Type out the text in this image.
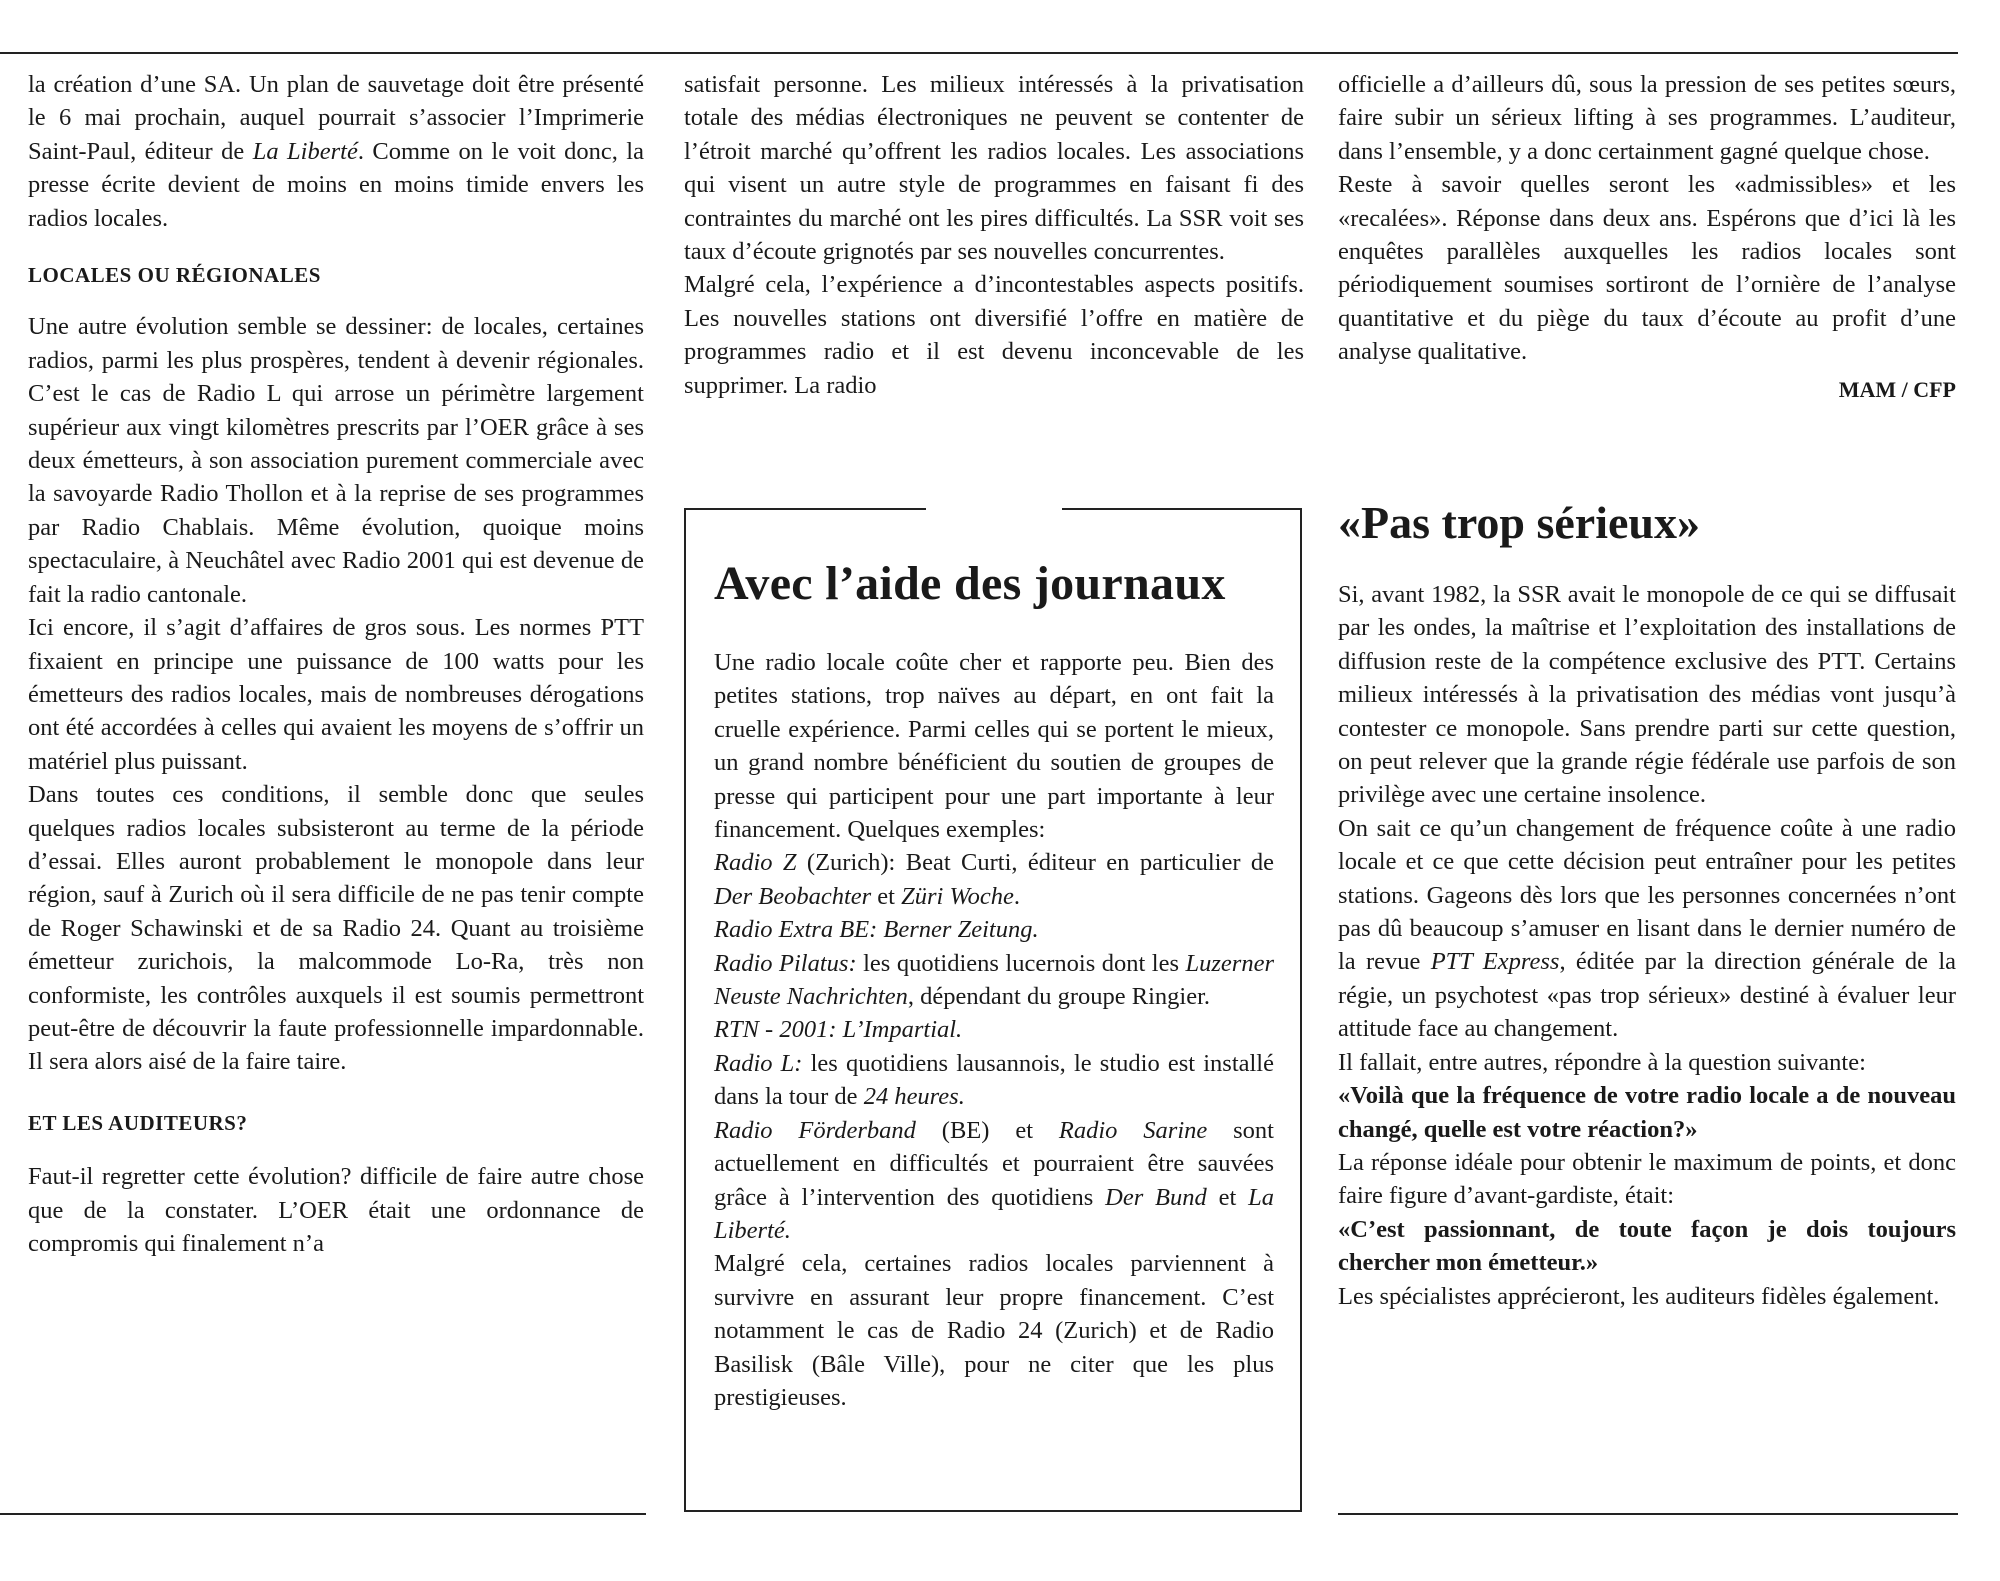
la création d’une SA. Un plan de sauvetage doit être présenté le 6 mai prochain, auquel pourrait s’associer l’Imprimerie Saint-Paul, éditeur de La Liberté. Comme on le voit donc, la presse écrite devient de moins en moins timide envers les radios locales.

LOCALES OU RÉGIONALES

Une autre évolution semble se dessiner: de locales, certaines radios, parmi les plus prospères, tendent à devenir régionales. C’est le cas de Radio L qui arrose un périmètre largement supérieur aux vingt kilomètres prescrits par l’OER grâce à ses deux émetteurs, à son association purement commerciale avec la savoyarde Radio Thollon et à la reprise de ses programmes par Radio Chablais. Même évolution, quoique moins spectaculaire, à Neuchâtel avec Radio 2001 qui est devenue de fait la radio cantonale.

Ici encore, il s’agit d’affaires de gros sous. Les normes PTT fixaient en principe une puissance de 100 watts pour les émetteurs des radios locales, mais de nombreuses dérogations ont été accordées à celles qui avaient les moyens de s’offrir un matériel plus puissant.

Dans toutes ces conditions, il semble donc que seules quelques radios locales subsisteront au terme de la période d’essai. Elles auront probablement le monopole dans leur région, sauf à Zurich où il sera difficile de ne pas tenir compte de Roger Schawinski et de sa Radio 24. Quant au troisième émetteur zurichois, la malcommode Lo-Ra, très non conformiste, les contrôles auxquels il est soumis permettront peut-être de découvrir la faute professionnelle impardonnable. Il sera alors aisé de la faire taire.

ET LES AUDITEURS?

Faut-il regretter cette évolution? difficile de faire autre chose que de la constater. L’OER était une ordonnance de compromis qui finalement n’a

satisfait personne. Les milieux intéressés à la privatisation totale des médias électroniques ne peuvent se contenter de l’étroit marché qu’offrent les radios locales. Les associations qui visent un autre style de programmes en faisant fi des contraintes du marché ont les pires difficultés. La SSR voit ses taux d’écoute grignotés par ses nouvelles concurrentes.

Malgré cela, l’expérience a d’incontestables aspects positifs. Les nouvelles stations ont diversifié l’offre en matière de programmes radio et il est devenu inconcevable de les supprimer. La radio

Avec l’aide des journaux

Une radio locale coûte cher et rapporte peu. Bien des petites stations, trop naïves au départ, en ont fait la cruelle expérience. Parmi celles qui se portent le mieux, un grand nombre bénéficient du soutien de groupes de presse qui participent pour une part importante à leur financement. Quelques exemples:

Radio Z (Zurich): Beat Curti, éditeur en particulier de Der Beobachter et Züri Woche.

Radio Extra BE: Berner Zeitung.

Radio Pilatus: les quotidiens lucernois dont les Luzerner Neuste Nachrichten, dépendant du groupe Ringier.

RTN - 2001: L’Impartial.

Radio L: les quotidiens lausannois, le studio est installé dans la tour de 24 heures.

Radio Förderband (BE) et Radio Sarine sont actuellement en difficultés et pourraient être sauvées grâce à l’intervention des quotidiens Der Bund et La Liberté.

Malgré cela, certaines radios locales parviennent à survivre en assurant leur propre financement. C’est notamment le cas de Radio 24 (Zurich) et de Radio Basilisk (Bâle Ville), pour ne citer que les plus prestigieuses.

officielle a d’ailleurs dû, sous la pression de ses petites sœurs, faire subir un sérieux lifting à ses programmes. L’auditeur, dans l’ensemble, y a donc certainment gagné quelque chose.

Reste à savoir quelles seront les «admissibles» et les «recalées». Réponse dans deux ans. Espérons que d’ici là les enquêtes parallèles auxquelles les radios locales sont périodiquement soumises sortiront de l’ornière de l’analyse quantitative et du piège du taux d’écoute au profit d’une analyse qualitative.

MAM / CFP

«Pas trop sérieux»

Si, avant 1982, la SSR avait le monopole de ce qui se diffusait par les ondes, la maîtrise et l’exploitation des installations de diffusion reste de la compétence exclusive des PTT. Certains milieux intéressés à la privatisation des médias vont jusqu’à contester ce monopole. Sans prendre parti sur cette question, on peut relever que la grande régie fédérale use parfois de son privilège avec une certaine insolence.

On sait ce qu’un changement de fréquence coûte à une radio locale et ce que cette décision peut entraîner pour les petites stations. Gageons dès lors que les personnes concernées n’ont pas dû beaucoup s’amuser en lisant dans le dernier numéro de la revue PTT Express, éditée par la direction générale de la régie, un psychotest «pas trop sérieux» destiné à évaluer leur attitude face au changement.

Il fallait, entre autres, répondre à la question suivante:

«Voilà que la fréquence de votre radio locale a de nouveau changé, quelle est votre réaction?»

La réponse idéale pour obtenir le maximum de points, et donc faire figure d’avant-gardiste, était:

«C’est passionnant, de toute façon je dois toujours chercher mon émetteur.»

Les spécialistes apprécieront, les auditeurs fidèles également.
